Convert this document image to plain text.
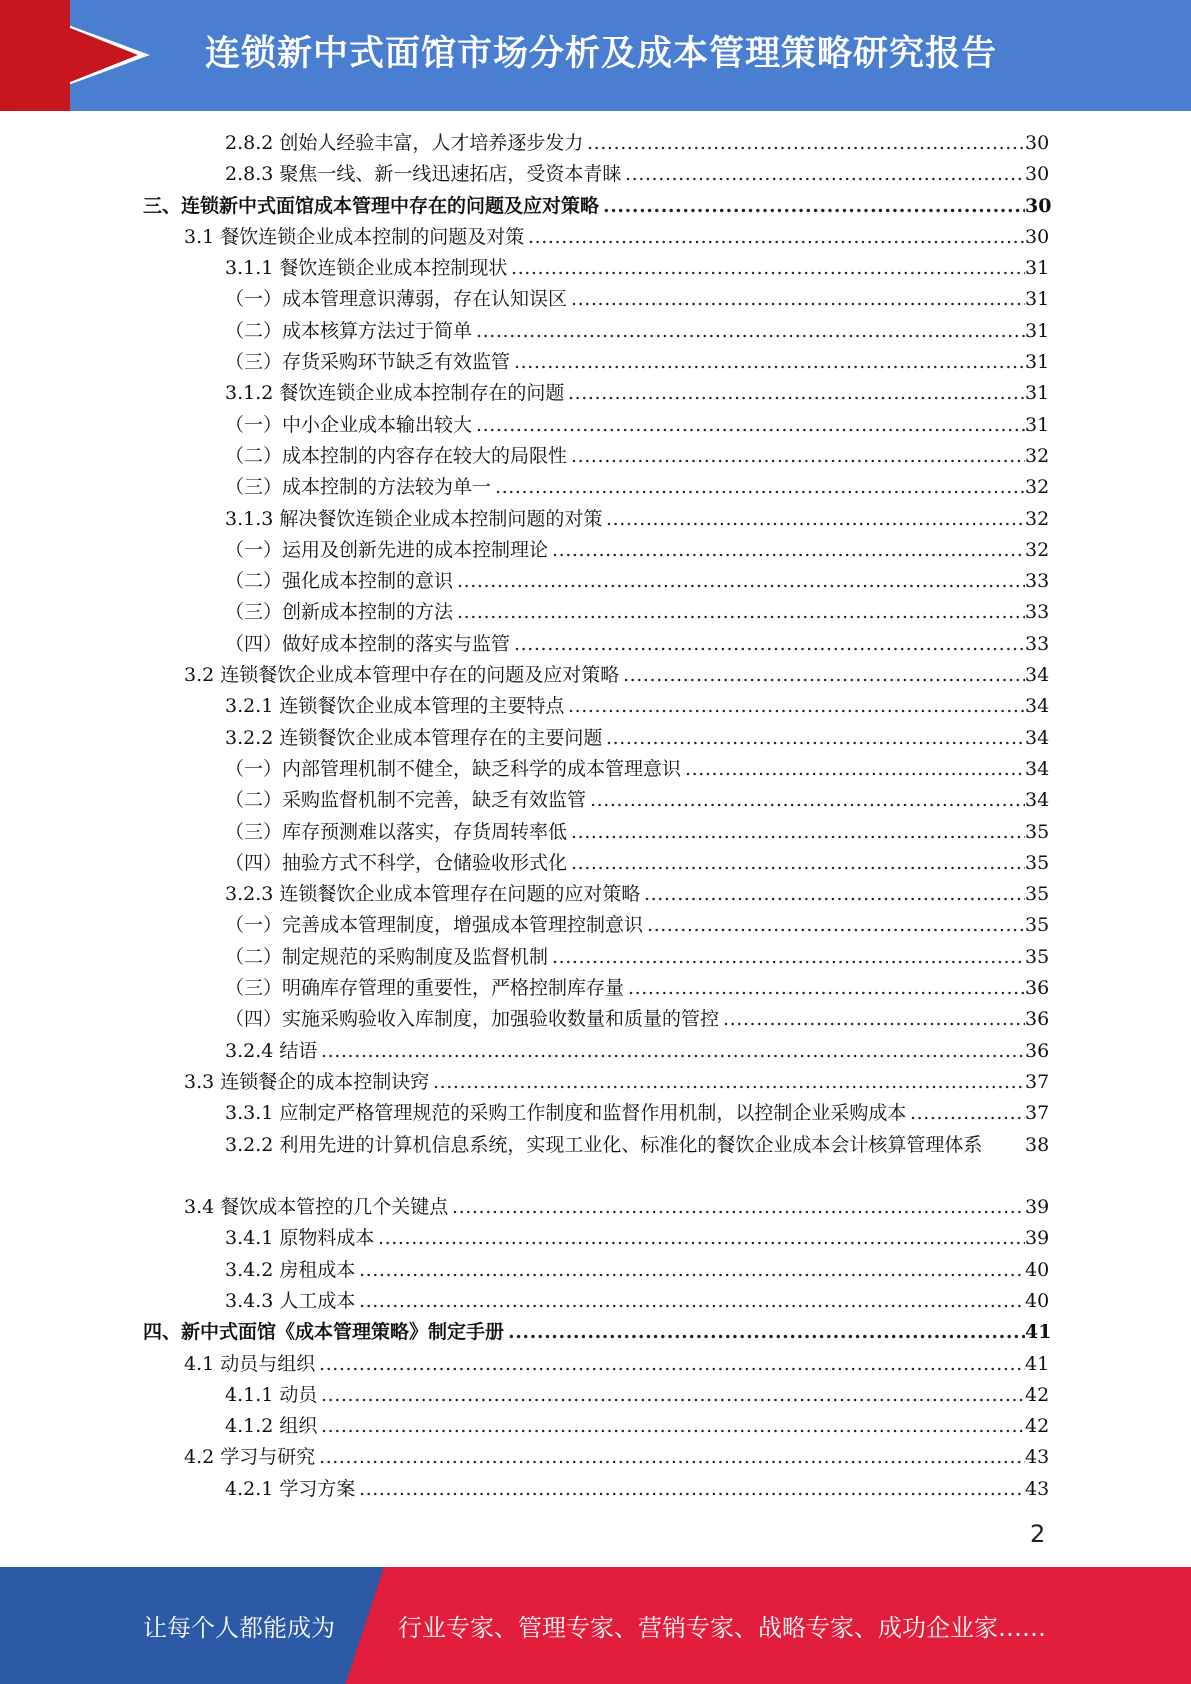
连锁新中式面馆市场分析及成本管理策略研究报告
2.8.2 创始人经验丰富，人才培养逐步发力 .....	30
2.8.3 聚焦一线、新一线迅速拓店，受资本青睐 .....	30
三、连锁新中式面馆成本管理中存在的问题及应对策略 .....	30
3.1 餐饮连锁企业成本控制的问题及对策 .....	30
3.1.1 餐饮连锁企业成本控制现状 .....	31
（一）成本管理意识薄弱，存在认知误区 .....	31
（二）成本核算方法过于简单 .....	31
（三）存货采购环节缺乏有效监管 .....	31
3.1.2 餐饮连锁企业成本控制存在的问题 .....	31
（一）中小企业成本输出较大 .....	31
（二）成本控制的内容存在较大的局限性 .....	32
（三）成本控制的方法较为单一 .....	32
3.1.3 解决餐饮连锁企业成本控制问题的对策 .....	32
（一）运用及创新先进的成本控制理论 .....	32
（二）强化成本控制的意识 .....	33
（三）创新成本控制的方法 .....	33
（四）做好成本控制的落实与监管 .....	33
3.2 连锁餐饮企业成本管理中存在的问题及应对策略 .....	34
3.2.1 连锁餐饮企业成本管理的主要特点 .....	34
3.2.2 连锁餐饮企业成本管理存在的主要问题 .....	34
（一）内部管理机制不健全，缺乏科学的成本管理意识 .....	34
（二）采购监督机制不完善，缺乏有效监管 .....	34
（三）库存预测难以落实，存货周转率低 .....	35
（四）抽验方式不科学，仓储验收形式化 .....	35
3.2.3 连锁餐饮企业成本管理存在问题的应对策略 .....	35
（一）完善成本管理制度，增强成本管理控制意识 .....	35
（二）制定规范的采购制度及监督机制 .....	35
（三）明确库存管理的重要性，严格控制库存量 .....	36
（四）实施采购验收入库制度，加强验收数量和质量的管控 .....	36
3.2.4 结语 .....	36
3.3 连锁餐企的成本控制诀窍 .....	37
3.3.1 应制定严格管理规范的采购工作制度和监督作用机制，以控制企业采购成本 .....	37
3.2.2 利用先进的计算机信息系统，实现工业化、标准化的餐饮企业成本会计核算管理体系	38
3.4 餐饮成本管控的几个关键点 .....	39
3.4.1 原物料成本 .....	39
3.4.2 房租成本 .....	40
3.4.3 人工成本 .....	40
四、新中式面馆《成本管理策略》制定手册 .....	41
4.1 动员与组织 .....	41
4.1.1 动员 .....	42
4.1.2 组织 .....	42
4.2 学习与研究 .....	43
4.2.1 学习方案 .....	43
2
让每个人都能成为	行业专家、管理专家、营销专家、战略专家、成功企业家……
